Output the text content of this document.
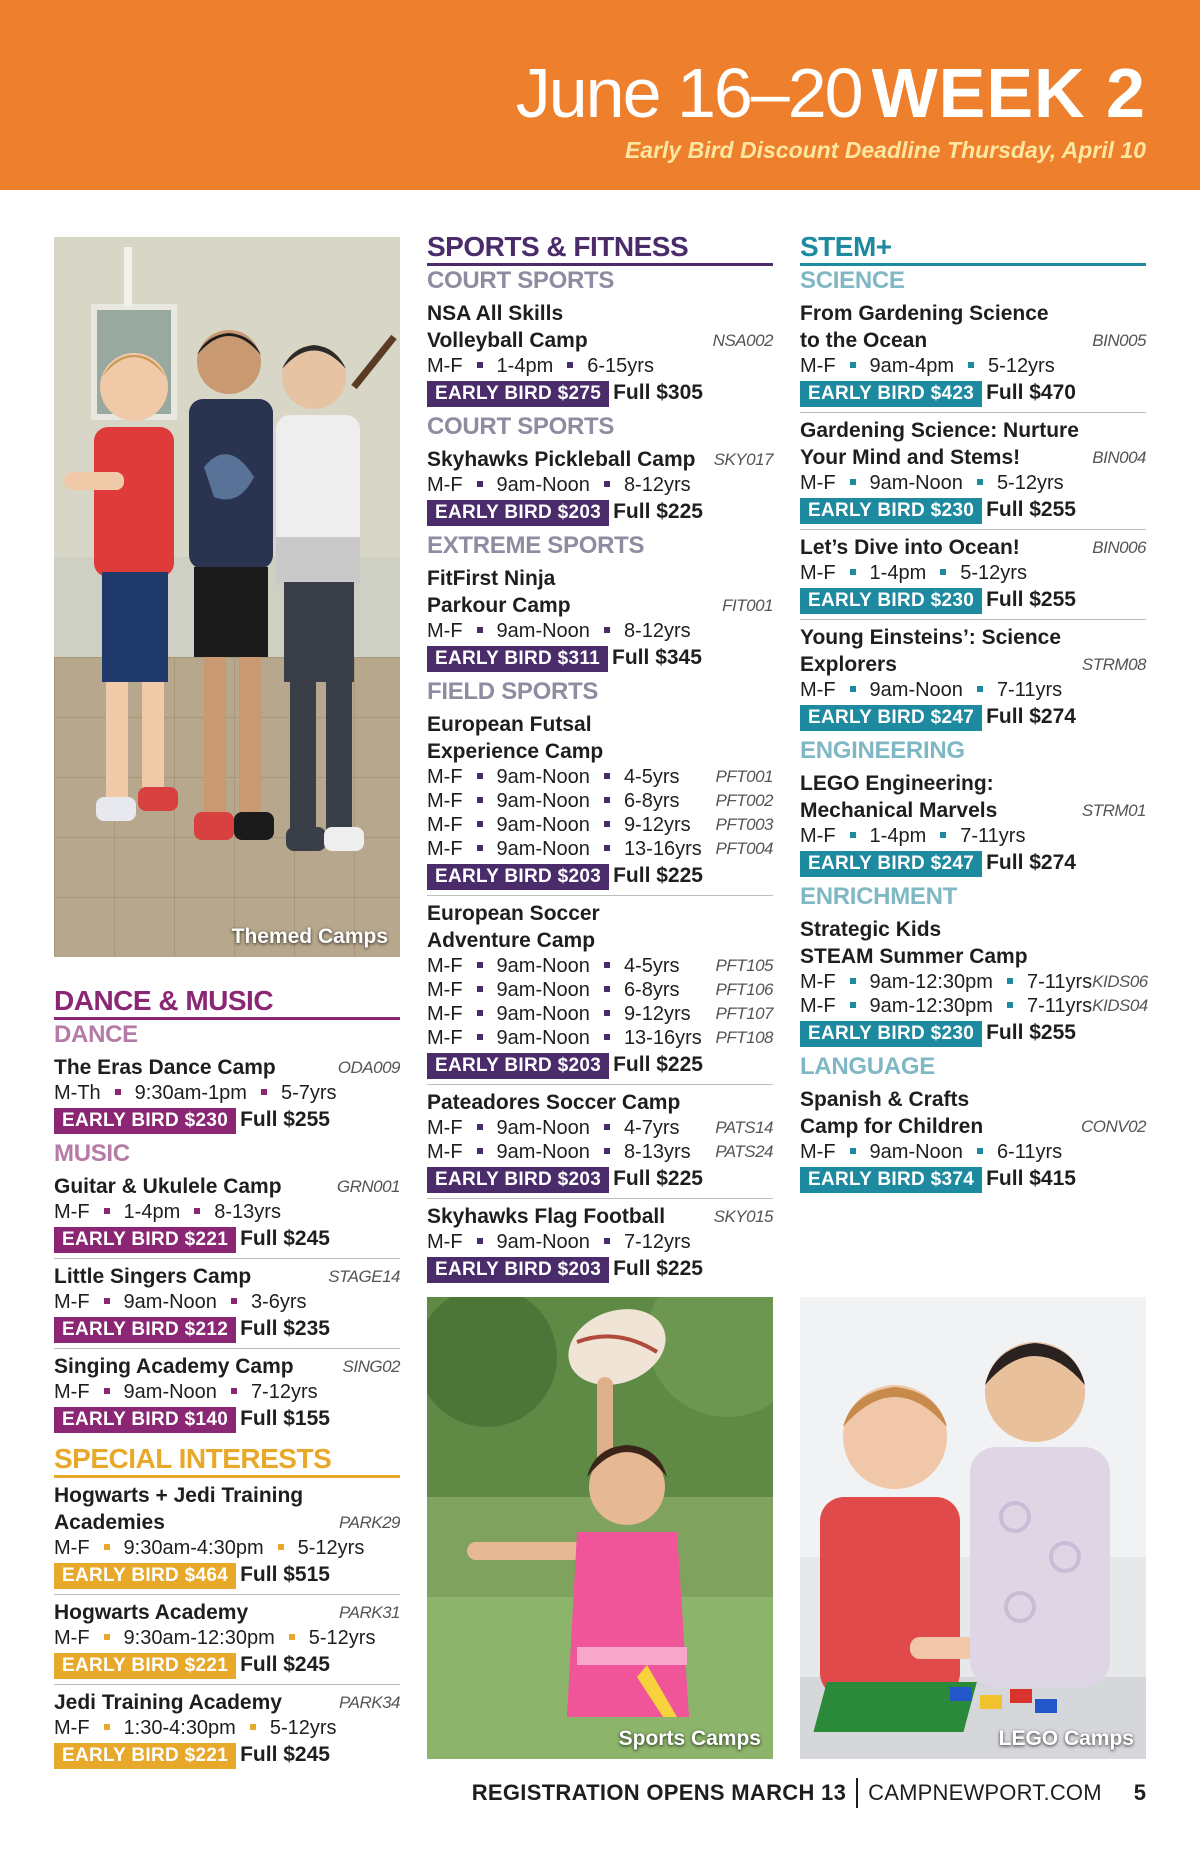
June 16–20 WEEK 2
Early Bird Discount Deadline Thursday, April 10
Themed Camps
DANCE & MUSIC
DANCE
The Eras Dance Camp	ODA009
M-Th 9:30am-1pm 5-7yrs
EARLY BIRD $230 Full $255
MUSIC
Guitar & Ukulele Camp	GRN001
M-F 1-4pm 8-13yrs
EARLY BIRD $221 Full $245
Little Singers Camp	STAGE14
M-F 9am-Noon 3-6yrs
EARLY BIRD $212 Full $235
Singing Academy Camp	SING02
M-F 9am-Noon 7-12yrs
EARLY BIRD $140 Full $155
SPECIAL INTERESTS
Hogwarts + Jedi Training
Academies	PARK29
M-F 9:30am-4:30pm 5-12yrs
EARLY BIRD $464 Full $515
Hogwarts Academy	PARK31
M-F 9:30am-12:30pm 5-12yrs
EARLY BIRD $221 Full $245
Jedi Training Academy	PARK34
M-F 1:30-4:30pm 5-12yrs
EARLY BIRD $221 Full $245
SPORTS & FITNESS
COURT SPORTS
NSA All Skills
Volleyball Camp	NSA002
M-F 1-4pm 6-15yrs
EARLY BIRD $275 Full $305
COURT SPORTS
Skyhawks Pickleball Camp SKY017
M-F 9am-Noon 8-12yrs
EARLY BIRD $203 Full $225
EXTREME SPORTS
FitFirst Ninja
Parkour Camp	FIT001
M-F 9am-Noon 8-12yrs
EARLY BIRD $311 Full $345
FIELD SPORTS
European Futsal
Experience Camp
M-F 9am-Noon 4-5yrs PFT001
M-F 9am-Noon 6-8yrs PFT002
M-F 9am-Noon 9-12yrs PFT003
M-F 9am-Noon 13-16yrs PFT004
EARLY BIRD $203 Full $225
European Soccer
Adventure Camp
M-F 9am-Noon 4-5yrs PFT105
M-F 9am-Noon 6-8yrs PFT106
M-F 9am-Noon 9-12yrs PFT107
M-F 9am-Noon 13-16yrs PFT108
EARLY BIRD $203 Full $225
Pateadores Soccer Camp
M-F 9am-Noon 4-7yrs PATS14
M-F 9am-Noon 8-13yrs PATS24
EARLY BIRD $203 Full $225
Skyhawks Flag Football	SKY015
M-F 9am-Noon 7-12yrs
EARLY BIRD $203 Full $225
STEM+
SCIENCE
From Gardening Science
to the Ocean	BIN005
M-F 9am-4pm 5-12yrs
EARLY BIRD $423 Full $470
Gardening Science: Nurture
Your Mind and Stems!	BIN004
M-F 9am-Noon 5-12yrs
EARLY BIRD $230 Full $255
Let’s Dive into Ocean!	BIN006
M-F 1-4pm 5-12yrs
EARLY BIRD $230 Full $255
Young Einsteins’: Science
Explorers	STRM08
M-F 9am-Noon 7-11yrs
EARLY BIRD $247 Full $274
ENGINEERING
LEGO Engineering:
Mechanical Marvels	STRM01
M-F 1-4pm 7-11yrs
EARLY BIRD $247 Full $274
ENRICHMENT
Strategic Kids
STEAM Summer Camp
M-F 9am-12:30pm 7-11yrs KIDS06
M-F 9am-12:30pm 7-11yrs KIDS04
EARLY BIRD $230 Full $255
LANGUAGE
Spanish & Crafts
Camp for Children	CONV02
M-F 9am-Noon 6-11yrs
EARLY BIRD $374 Full $415
Sports Camps	LEGO Camps
REGISTRATION OPENS MARCH 13 CAMPNEWPORT.COM 5
